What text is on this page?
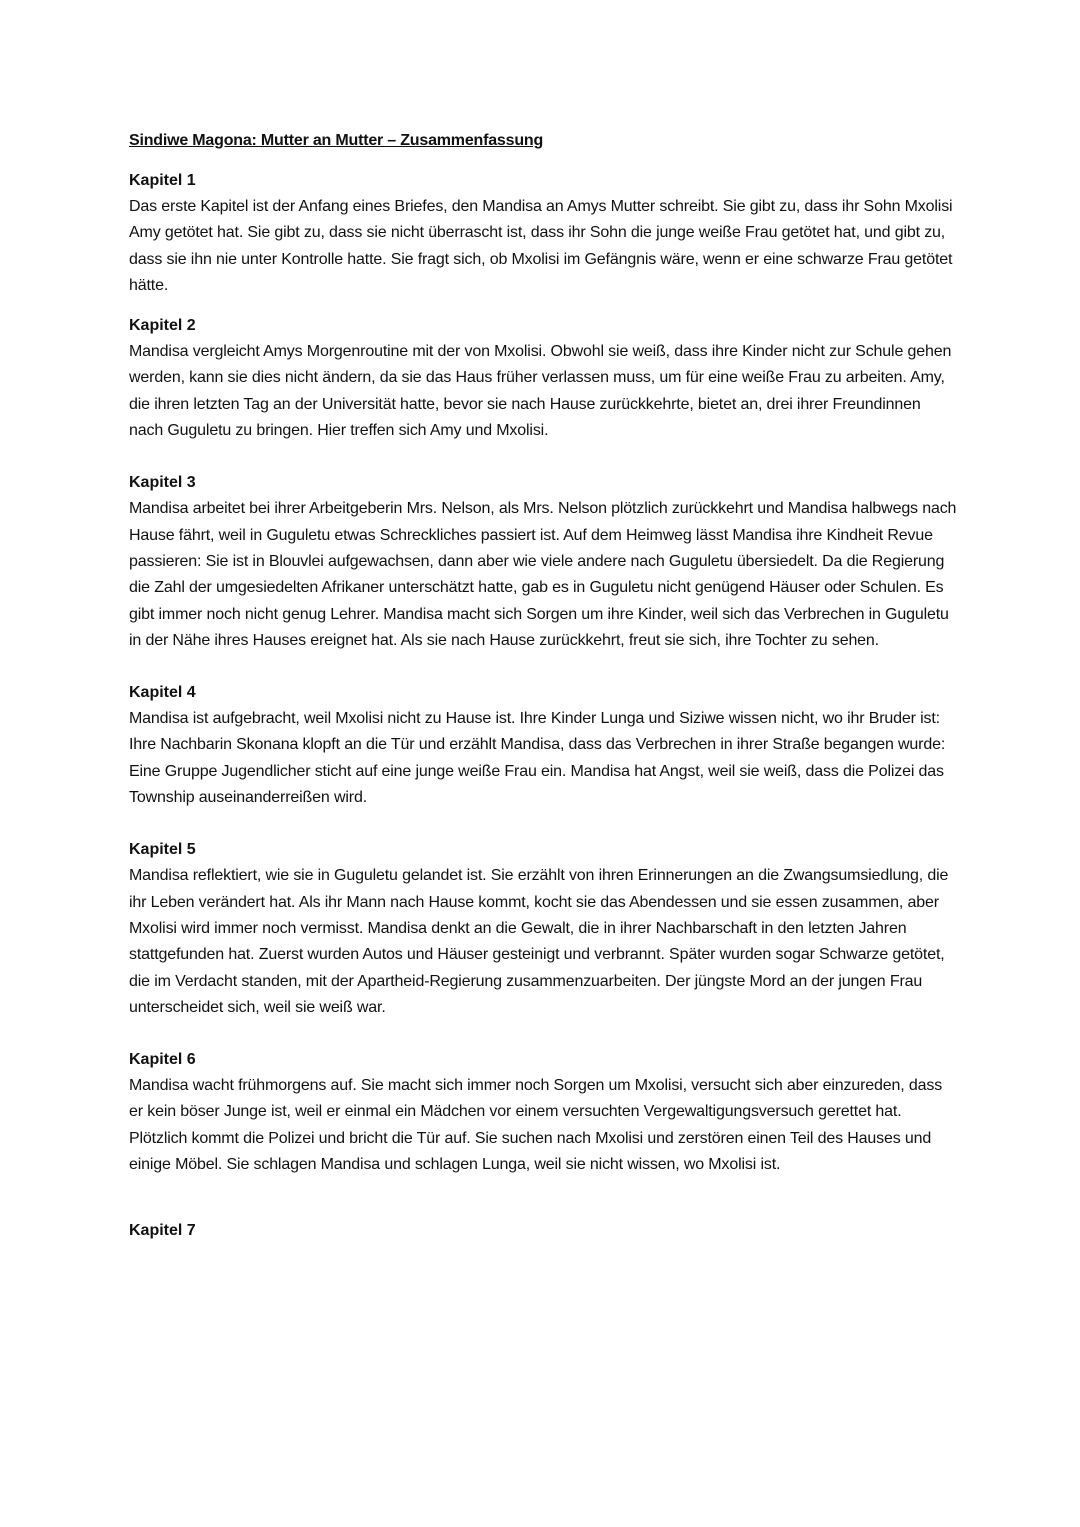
Sindiwe Magona: Mutter an Mutter – Zusammenfassung
Kapitel 1

Das erste Kapitel ist der Anfang eines Briefes, den Mandisa an Amys Mutter schreibt. Sie gibt zu, dass ihr Sohn Mxolisi Amy getötet hat. Sie gibt zu, dass sie nicht überrascht ist, dass ihr Sohn die junge weiße Frau getötet hat, und gibt zu, dass sie ihn nie unter Kontrolle hatte. Sie fragt sich, ob Mxolisi im Gefängnis wäre, wenn er eine schwarze Frau getötet hätte.

Kapitel 2

Mandisa vergleicht Amys Morgenroutine mit der von Mxolisi. Obwohl sie weiß, dass ihre Kinder nicht zur Schule gehen werden, kann sie dies nicht ändern, da sie das Haus früher verlassen muss, um für eine weiße Frau zu arbeiten. Amy, die ihren letzten Tag an der Universität hatte, bevor sie nach Hause zurückkehrte, bietet an, drei ihrer Freundinnen nach Guguletu zu bringen. Hier treffen sich Amy und Mxolisi.

Kapitel 3

Mandisa arbeitet bei ihrer Arbeitgeberin Mrs. Nelson, als Mrs. Nelson plötzlich zurückkehrt und Mandisa halbwegs nach Hause fährt, weil in Guguletu etwas Schreckliches passiert ist. Auf dem Heimweg lässt Mandisa ihre Kindheit Revue passieren: Sie ist in Blouvlei aufgewachsen, dann aber wie viele andere nach Guguletu übersiedelt. Da die Regierung die Zahl der umgesiedelten Afrikaner unterschätzt hatte, gab es in Guguletu nicht genügend Häuser oder Schulen. Es gibt immer noch nicht genug Lehrer. Mandisa macht sich Sorgen um ihre Kinder, weil sich das Verbrechen in Guguletu in der Nähe ihres Hauses ereignet hat. Als sie nach Hause zurückkehrt, freut sie sich, ihre Tochter zu sehen.

Kapitel 4

Mandisa ist aufgebracht, weil Mxolisi nicht zu Hause ist. Ihre Kinder Lunga und Siziwe wissen nicht, wo ihr Bruder ist: Ihre Nachbarin Skonana klopft an die Tür und erzählt Mandisa, dass das Verbrechen in ihrer Straße begangen wurde: Eine Gruppe Jugendlicher sticht auf eine junge weiße Frau ein. Mandisa hat Angst, weil sie weiß, dass die Polizei das Township auseinanderreißen wird.

Kapitel 5

Mandisa reflektiert, wie sie in Guguletu gelandet ist. Sie erzählt von ihren Erinnerungen an die Zwangsumsiedlung, die ihr Leben verändert hat. Als ihr Mann nach Hause kommt, kocht sie das Abendessen und sie essen zusammen, aber Mxolisi wird immer noch vermisst. Mandisa denkt an die Gewalt, die in ihrer Nachbarschaft in den letzten Jahren stattgefunden hat. Zuerst wurden Autos und Häuser gesteinigt und verbrannt. Später wurden sogar Schwarze getötet, die im Verdacht standen, mit der Apartheid-Regierung zusammenzuarbeiten. Der jüngste Mord an der jungen Frau unterscheidet sich, weil sie weiß war.

Kapitel 6

Mandisa wacht frühmorgens auf. Sie macht sich immer noch Sorgen um Mxolisi, versucht sich aber einzureden, dass er kein böser Junge ist, weil er einmal ein Mädchen vor einem versuchten Vergewaltigungsversuch gerettet hat. Plötzlich kommt die Polizei und bricht die Tür auf. Sie suchen nach Mxolisi und zerstören einen Teil des Hauses und einige Möbel. Sie schlagen Mandisa und schlagen Lunga, weil sie nicht wissen, wo Mxolisi ist.

Kapitel 7
